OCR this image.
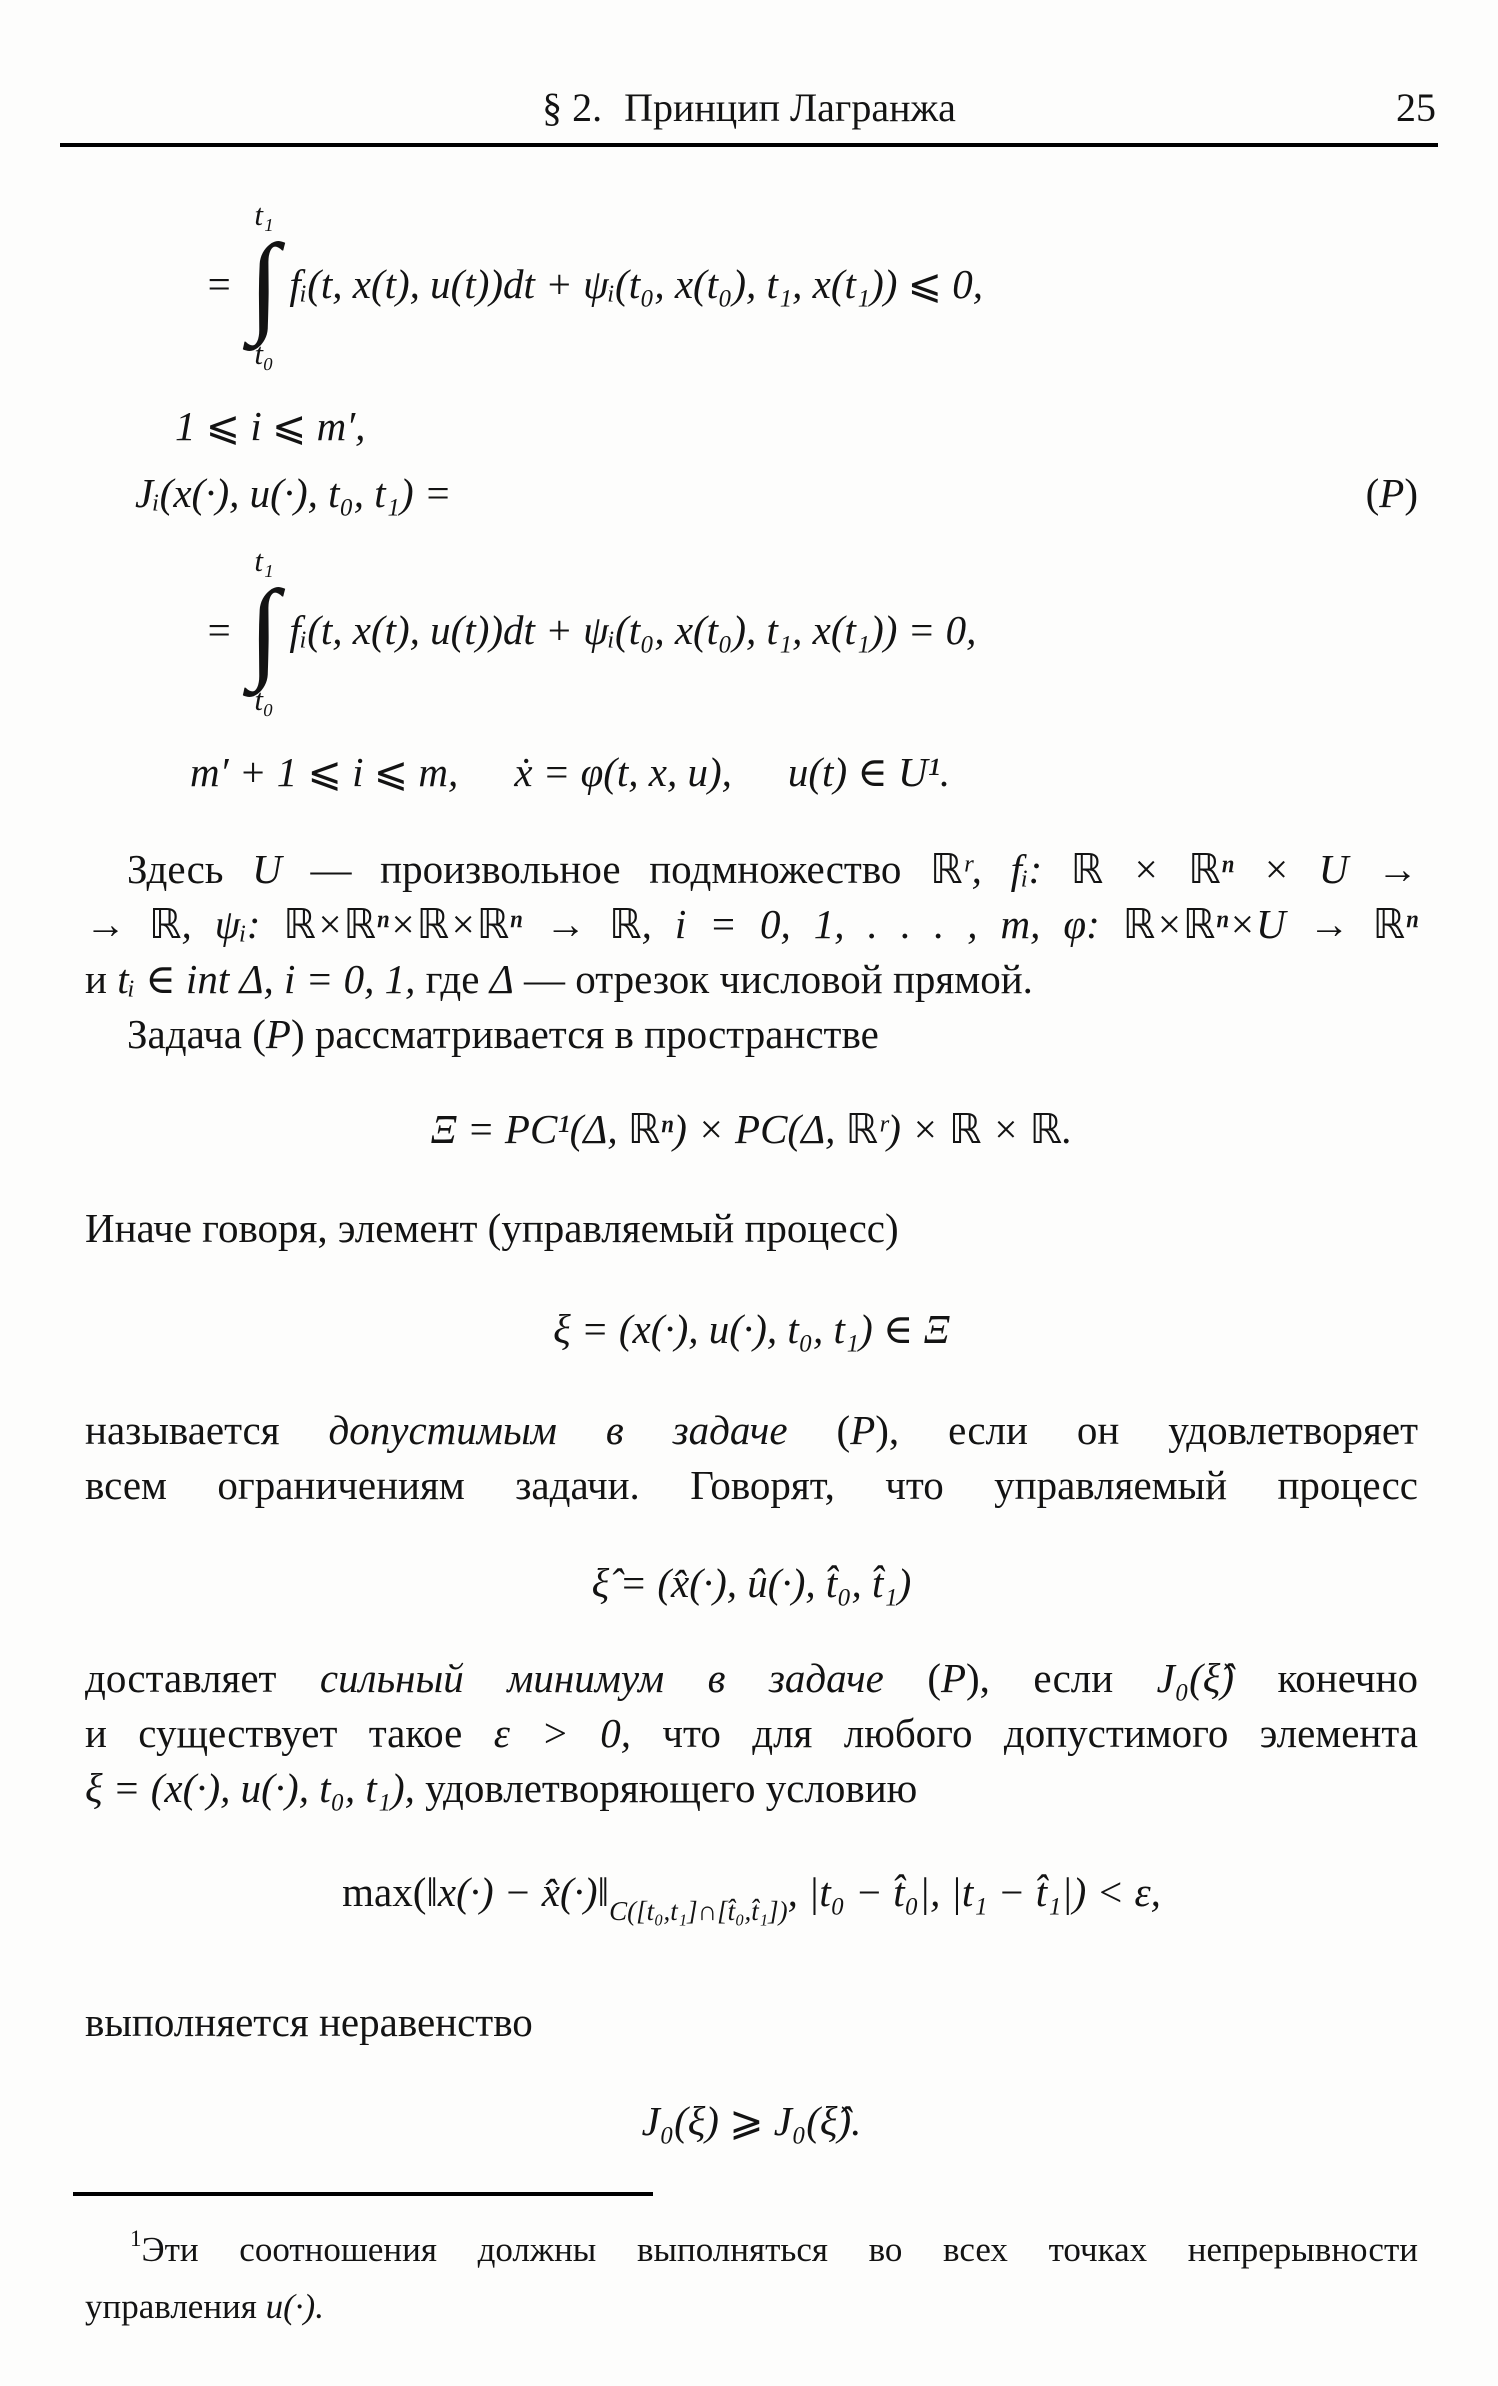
§ 2. Принцип Лагранжа	25
=
t₁
∫
t₀
fᵢ(t, x(t), u(t))dt + ψᵢ(t₀, x(t₀), t₁, x(t₁)) ⩽ 0,
1 ⩽ i ⩽ m′,
Jᵢ(x(·), u(·), t₀, t₁) =	(P)
=
t₁
∫
t₀
fᵢ(t, x(t), u(t))dt + ψᵢ(t₀, x(t₀), t₁, x(t₁)) = 0,
m′ + 1 ⩽ i ⩽ m, ẋ = φ(t, x, u), u(t) ∈ U¹.
Здесь U — произвольное подмножество ℝʳ, fᵢ: ℝ × ℝⁿ × U →
→ ℝ, ψᵢ: ℝ×ℝⁿ×ℝ×ℝⁿ → ℝ, i = 0, 1, . . . , m, φ: ℝ×ℝⁿ×U → ℝⁿ
и tᵢ ∈ int Δ, i = 0, 1, где Δ — отрезок числовой прямой.
Задача (P) рассматривается в пространстве
Ξ = PC¹(Δ, ℝⁿ) × PC(Δ, ℝʳ) × ℝ × ℝ.
Иначе говоря, элемент (управляемый процесс)
ξ = (x(·), u(·), t₀, t₁) ∈ Ξ
называется допустимым в задаче (P), если он удовлетворяет
всем ограничениям задачи. Говорят, что управляемый процесс
ξ̂ = (x̂(·), û(·), t̂₀, t̂₁)
доставляет сильный минимум в задаче (P), если J₀(ξ̂) конечно
и существует такое ε > 0, что для любого допустимого элемента
ξ = (x(·), u(·), t₀, t₁), удовлетворяющего условию
max(‖x(·) − $x̂(\cdot)‖_{C([t_0,t_1]\cap[t̂_0,t̂_1])}$, |t₀ − t̂₀|, |t₁ − t̂₁|) < ε,
выполняется неравенство
J₀(ξ) ⩾ J₀(ξ̂).
$^1$Эти соотношения должны выполняться во всех точках непрерывности
управления u(·).
